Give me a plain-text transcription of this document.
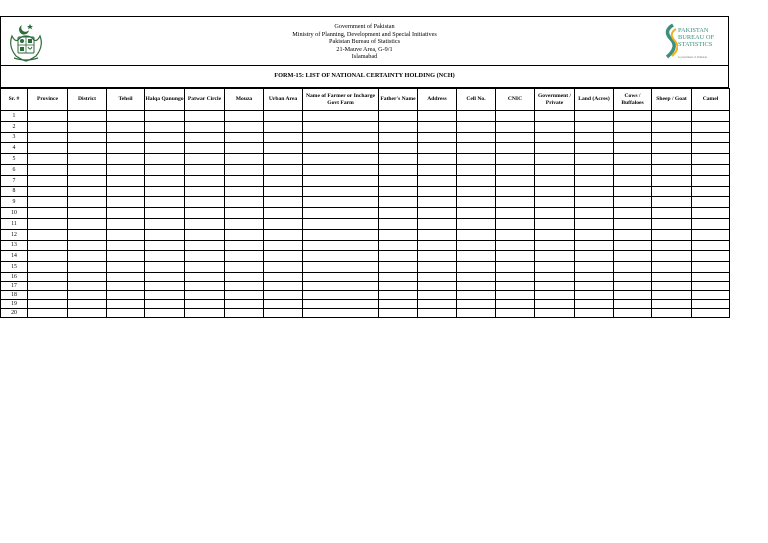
Government of Pakistan
Ministry of Planning, Development and Special Initiatives
Pakistan Bureau of Statistics
21-Mauve Area, G-9/1
Islamabad
PAKISTAN
BUREAU OF
STATISTICS
Government of Pakistan
FORM-15: LIST OF NATIONAL CERTAINTY HOLDING (NCH)
Sr. #	Province	District	Tehsil	Halqa Qanungo	Patwar Circle	Mouza	Urban Area	Name of Farmer or Incharge Govt Farm	Father's Name	Address	Cell No.	CNIC	Government / Private	Land (Acres)	Cows / Buffaloes	Sheep / Goat	Camel
1																	
2																	
3																	
4																	
5																	
6																	
7																	
8																	
9																	
10																	
11																	
12																	
13																	
14																	
15																	
16																	
17																	
18																	
19																	
20																	
